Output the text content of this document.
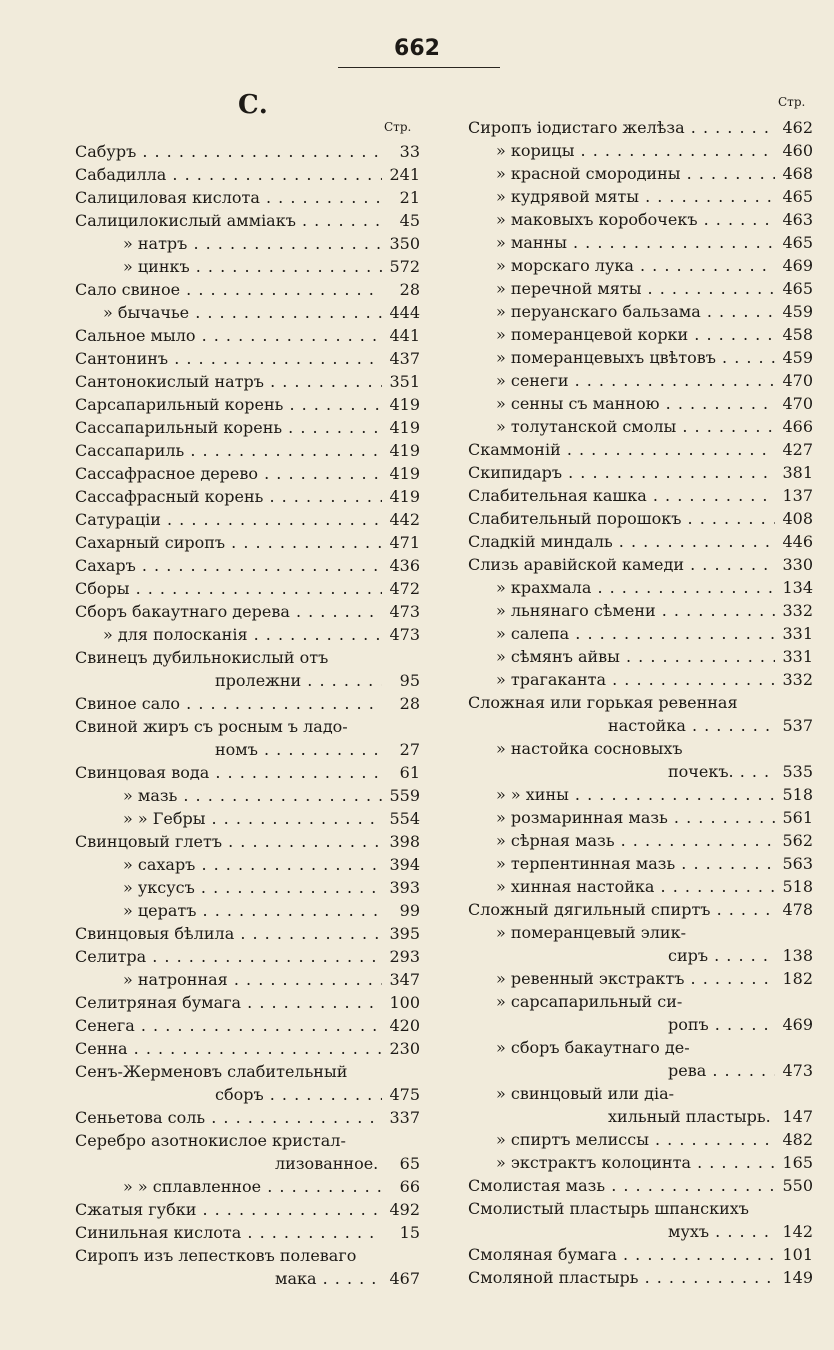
662
С.
Стр.
Стр.
Сабуръ . . .	33
Сабадилла . . .	241
Салициловая кислота . . .	21
Салицилокислый амміакъ . . .	45
» натръ . . .	350
» цинкъ . . .	572
Сало свиное . . .	28
» бычачье . . .	444
Сальное мыло . . .	441
Сантонинъ . . .	437
Сантонокислый натръ . . .	351
Сарсапарильный корень . . .	419
Сассапарильный корень . . .	419
Сассапариль . . .	419
Сассафрасное дерево . . .	419
Сассафрасный корень . . .	419
Сатураціи . . .	442
Сахарный сиропъ . . .	471
Сахаръ . . .	436
Сборы . . .	472
Сборъ бакаутнаго дерева . . .	473
» для полосканія . . .	473
Свинецъ дубильнокислый отъ
пролежни . . .	95
Свиное сало . . .	28
Свиной жиръ съ росным ъ ладо-
номъ . . .	27
Свинцовая вода . . .	61
» мазь . . .	559
» » Гебры . . .	554
Свинцовый глетъ . . .	398
» сахаръ . . .	394
» уксусъ . . .	393
» цератъ . . .	99
Свинцовыя бѣлила . . .	395
Селитра . . .	293
» натронная . . .	347
Селитряная бумага . . .	100
Сенега . . .	420
Сенна . . .	230
Сенъ-Жерменовъ слабительный
сборъ . . .	475
Сеньетова соль . . .	337
Серебро азотнокислое кристал-
лизованное. . . .	65
» » сплавленное . . .	66
Сжатыя губки . . .	492
Синильная кислота . . .	15
Сиропъ изъ лепестковъ полеваго
мака . . .	467
Сиропъ іодистаго желѣза . . .	462
» корицы . . .	460
» красной смородины . . .	468
» кудрявой мяты . . .	465
» маковыхъ коробочекъ . . .	463
» манны . . .	465
» морскаго лука . . .	469
» перечной мяты . . .	465
» перуанскаго бальзама . . .	459
» померанцевой корки . . .	458
» померанцевыхъ цвѣтовъ . . .	459
» сенеги . . .	470
» сенны съ манною . . .	470
» толутанской смолы . . .	466
Скаммоній . . .	427
Скипидаръ . . .	381
Слабительная кашка . . .	137
Слабительный порошокъ . . .	408
Сладкій миндаль . . .	446
Слизь аравійской камеди . . .	330
» крахмала . . .	134
» льнянаго сѣмени . . .	332
» салепа . . .	331
» сѣмянъ айвы . . .	331
» трагаканта . . .	332
Сложная или горькая ревенная
настойка . . .	537
» настойка сосновыхъ
почекъ. . . .	535
» » хины . . .	518
» розмаринная мазь . . .	561
» сѣрная мазь . . .	562
» терпентинная мазь . . .	563
» хинная настойка . . .	518
Сложный дягильный спиртъ . . .	478
» померанцевый элик-
сиръ . . .	138
» ревенный экстрактъ . . .	182
» сарсапарильный си-
ропъ . . .	469
» сборъ бакаутнаго де-
рева . . .	473
» свинцовый или діа-
хильный пластырь. . . . 147
» спиртъ мелиссы . . .	482
» экстрактъ колоцинта . . .	165
Смолистая мазь . . .	550
Смолистый пластырь шпанскихъ
мухъ . . .	142
Смоляная бумага . . .	101
Смоляной пластырь . . .	149
